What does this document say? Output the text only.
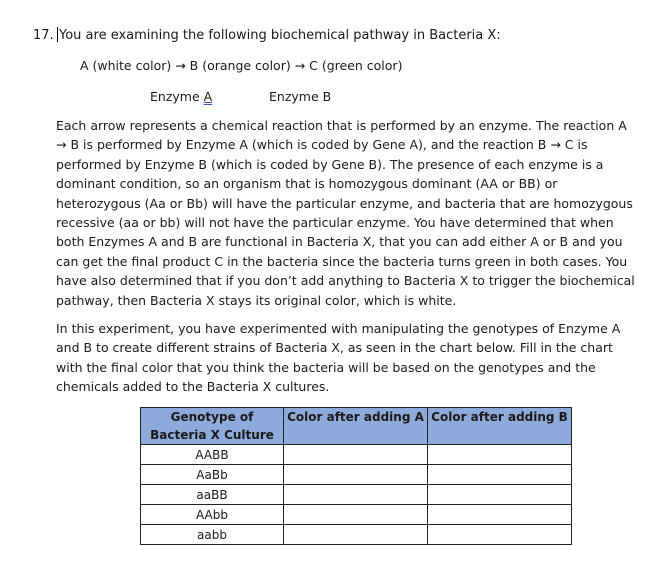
17. You are examining the following biochemical pathway in Bacteria X:
A (white color) → B (orange color) → C (green color)
Enzyme A	Enzyme B

Each arrow represents a chemical reaction that is performed by an enzyme. The reaction A → B is performed by Enzyme A (which is coded by Gene A), and the reaction B → C is performed by Enzyme B (which is coded by Gene B). The presence of each enzyme is a dominant condition, so an organism that is homozygous dominant (AA or BB) or heterozygous (Aa or Bb) will have the particular enzyme, and bacteria that are homozygous recessive (aa or bb) will not have the particular enzyme. You have determined that when both Enzymes A and B are functional in Bacteria X, that you can add either A or B and you can get the final product C in the bacteria since the bacteria turns green in both cases. You have also determined that if you don’t add anything to Bacteria X to trigger the biochemical pathway, then Bacteria X stays its original color, which is white.

In this experiment, you have experimented with manipulating the genotypes of Enzyme A and B to create different strains of Bacteria X, as seen in the chart below. Fill in the chart with the final color that you think the bacteria will be based on the genotypes and the chemicals added to the Bacteria X cultures.

Genotype of Bacteria X Culture	Color after adding A	Color after adding B
AABB		
AaBb		
aaBB		
AAbb		
aabb		
